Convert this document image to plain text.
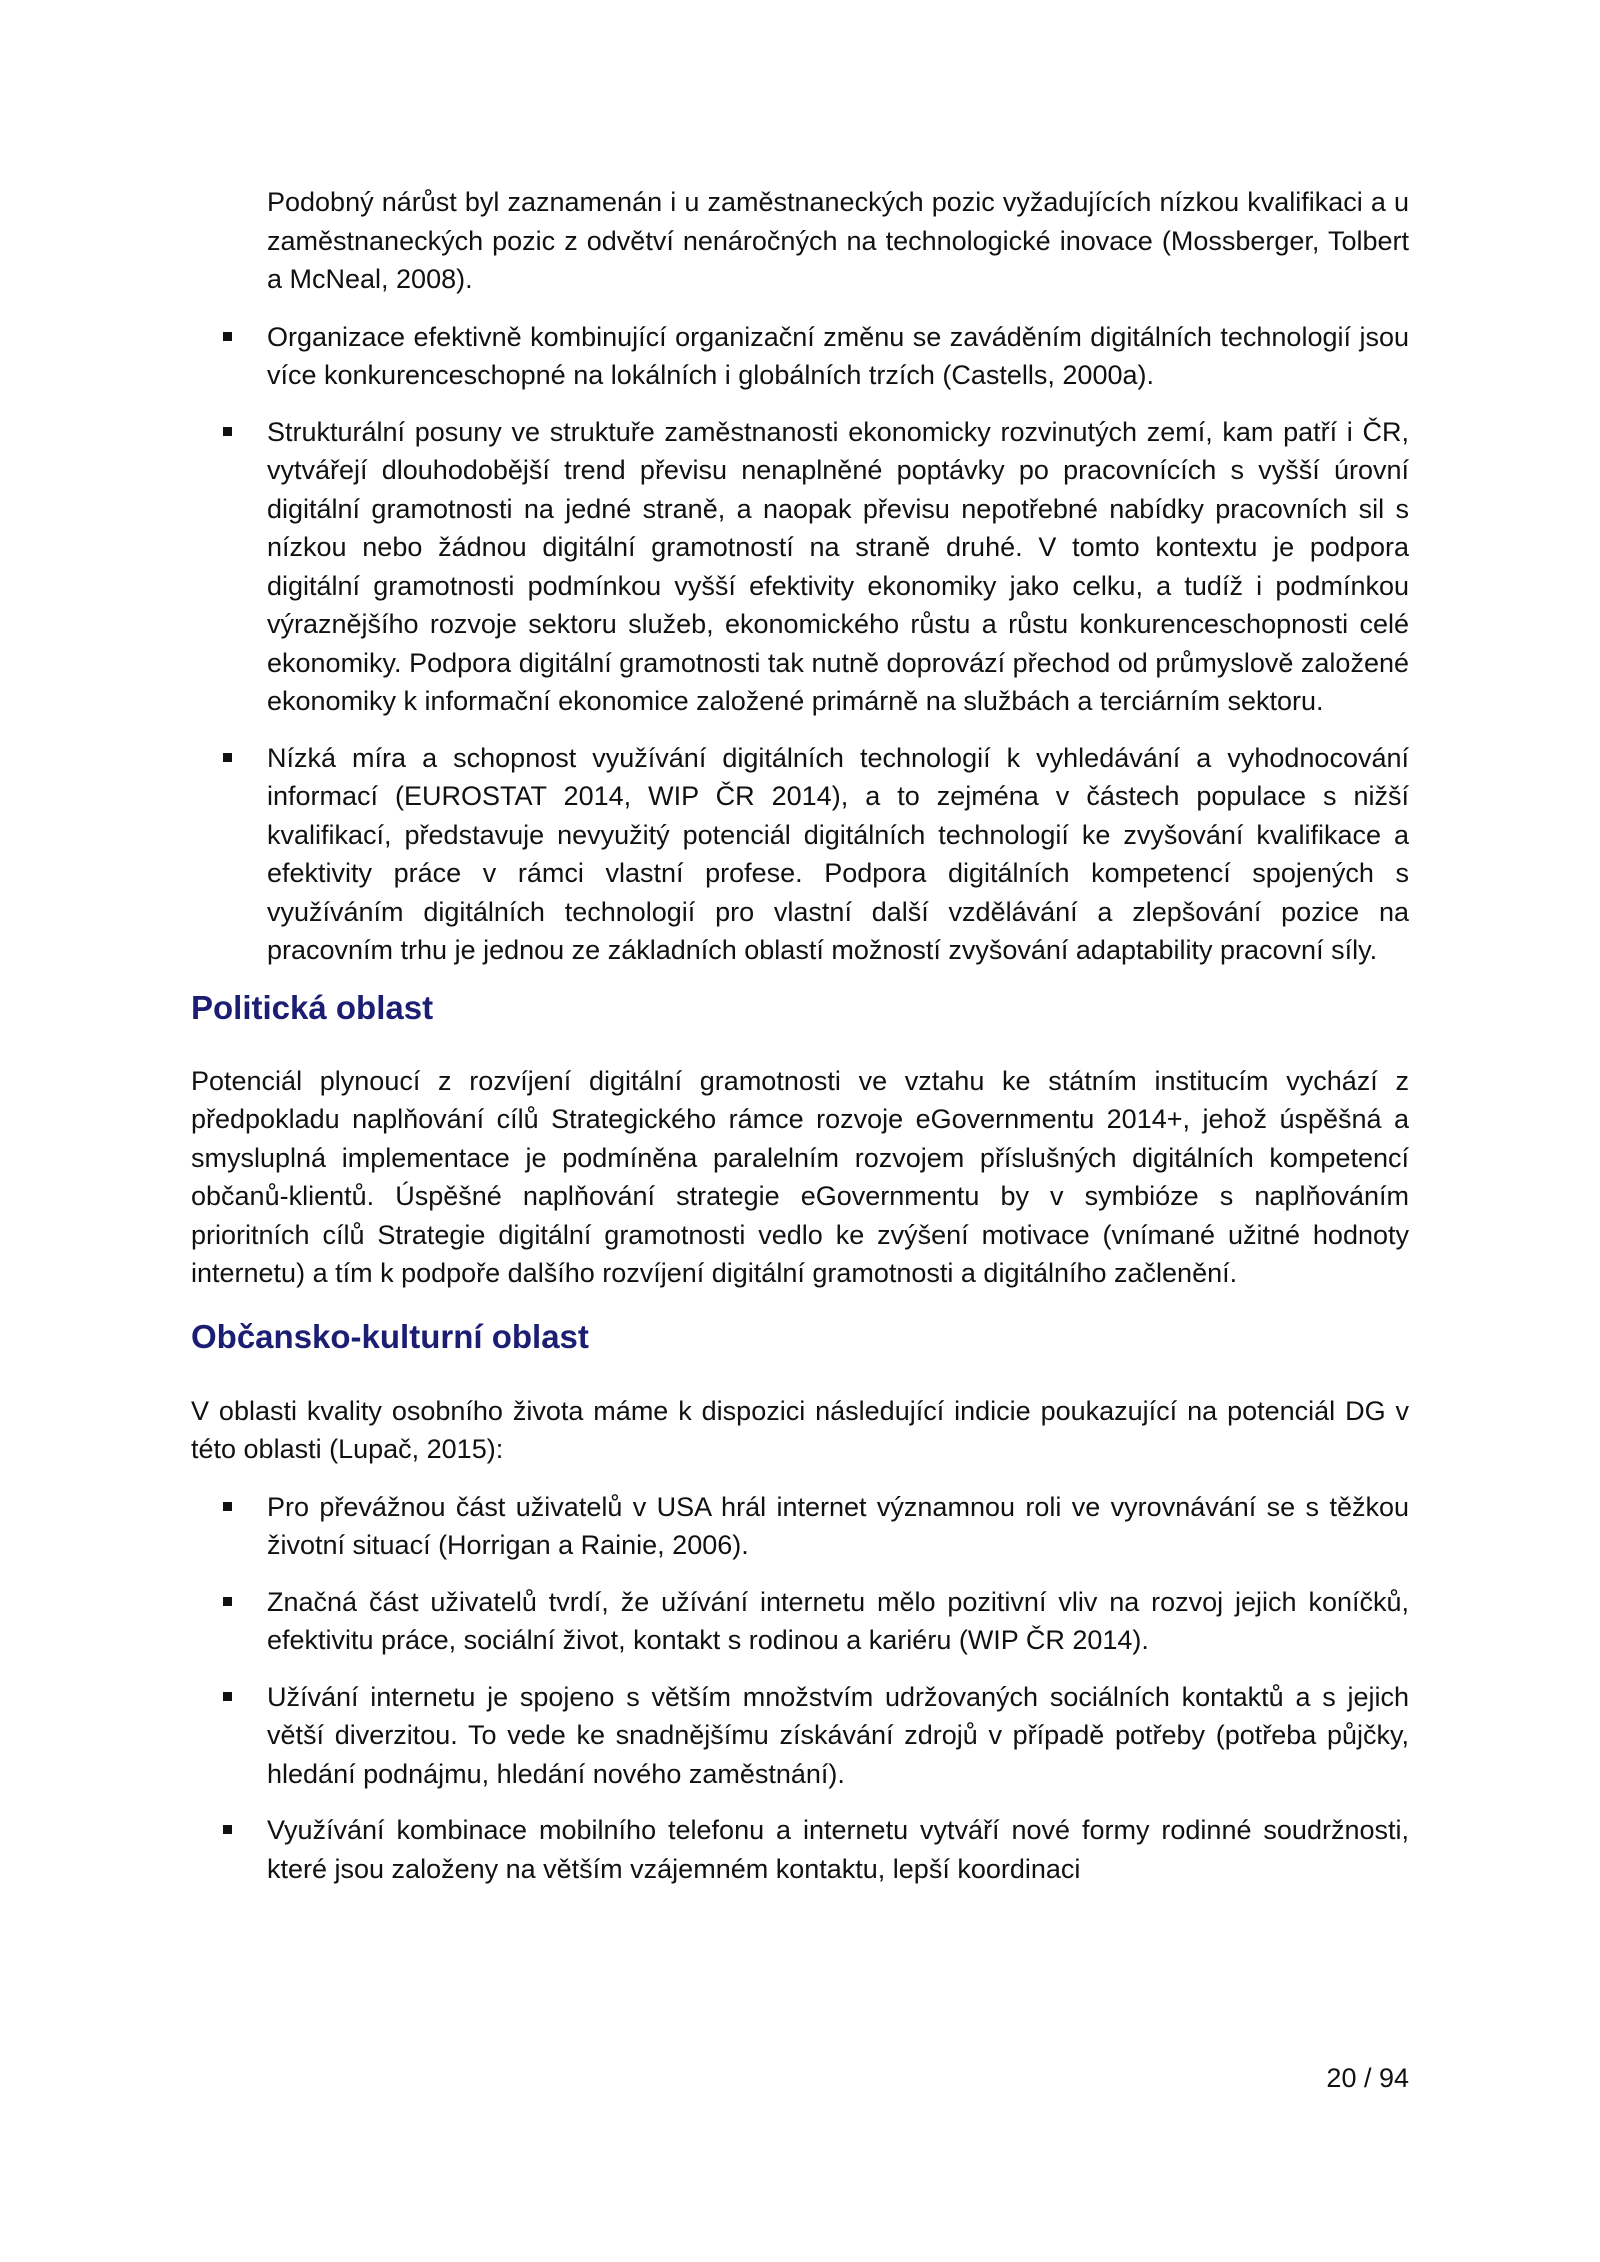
Podobný nárůst byl zaznamenán i u zaměstnaneckých pozic vyžadujících nízkou kvalifikaci a u zaměstnaneckých pozic z odvětví nenáročných na technologické inovace (Mossberger, Tolbert a McNeal, 2008).

Organizace efektivně kombinující organizační změnu se zaváděním digitálních technologií jsou více konkurenceschopné na lokálních i globálních trzích (Castells, 2000a).

Strukturální posuny ve struktuře zaměstnanosti ekonomicky rozvinutých zemí, kam patří i ČR, vytvářejí dlouhodobější trend převisu nenaplněné poptávky po pracovnících s vyšší úrovní digitální gramotnosti na jedné straně, a naopak převisu nepotřebné nabídky pracovních sil s nízkou nebo žádnou digitální gramotností na straně druhé. V tomto kontextu je podpora digitální gramotnosti podmínkou vyšší efektivity ekonomiky jako celku, a tudíž i podmínkou výraznějšího rozvoje sektoru služeb, ekonomického růstu a růstu konkurenceschopnosti celé ekonomiky. Podpora digitální gramotnosti tak nutně doprovází přechod od průmyslově založené ekonomiky k informační ekonomice založené primárně na službách a terciárním sektoru.

Nízká míra a schopnost využívání digitálních technologií k vyhledávání a vyhodnocování informací (EUROSTAT 2014, WIP ČR 2014), a to zejména v částech populace s nižší kvalifikací, představuje nevyužitý potenciál digitálních technologií ke zvyšování kvalifikace a efektivity práce v rámci vlastní profese. Podpora digitálních kompetencí spojených s využíváním digitálních technologií pro vlastní další vzdělávání a zlepšování pozice na pracovním trhu je jednou ze základních oblastí možností zvyšování adaptability pracovní síly.

Politická oblast

Potenciál plynoucí z rozvíjení digitální gramotnosti ve vztahu ke státním institucím vychází z předpokladu naplňování cílů Strategického rámce rozvoje eGovernmentu 2014+, jehož úspěšná a smysluplná implementace je podmíněna paralelním rozvojem příslušných digitálních kompetencí občanů-klientů. Úspěšné naplňování strategie eGovernmentu by v symbióze s naplňováním prioritních cílů Strategie digitální gramotnosti vedlo ke zvýšení motivace (vnímané užitné hodnoty internetu) a tím k podpoře dalšího rozvíjení digitální gramotnosti a digitálního začlenění.

Občansko-kulturní oblast

V oblasti kvality osobního života máme k dispozici následující indicie poukazující na potenciál DG v této oblasti (Lupač, 2015):

Pro převážnou část uživatelů v USA hrál internet významnou roli ve vyrovnávání se s těžkou životní situací (Horrigan a Rainie, 2006).

Značná část uživatelů tvrdí, že užívání internetu mělo pozitivní vliv na rozvoj jejich koníčků, efektivitu práce, sociální život, kontakt s rodinou a kariéru (WIP ČR 2014).

Užívání internetu je spojeno s větším množstvím udržovaných sociálních kontaktů a s jejich větší diverzitou. To vede ke snadnějšímu získávání zdrojů v případě potřeby (potřeba půjčky, hledání podnájmu, hledání nového zaměstnání).

Využívání kombinace mobilního telefonu a internetu vytváří nové formy rodinné soudržnosti, které jsou založeny na větším vzájemném kontaktu, lepší koordinaci

20 / 94
